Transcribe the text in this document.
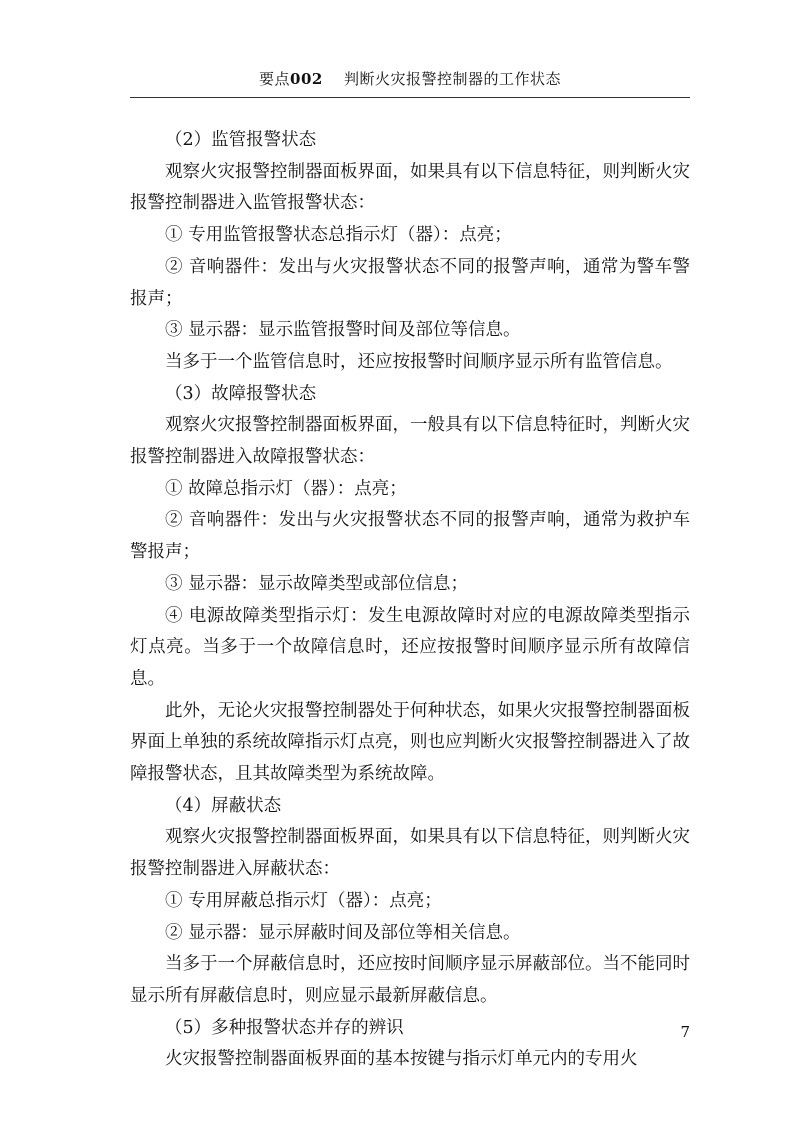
要点002 判断火灾报警控制器的工作状态

（2）监管报警状态

观察火灾报警控制器面板界面，如果具有以下信息特征，则判断火灾报警控制器进入监管报警状态：

① 专用监管报警状态总指示灯（器）：点亮；

② 音响器件：发出与火灾报警状态不同的报警声响，通常为警车警报声；

③ 显示器：显示监管报警时间及部位等信息。

当多于一个监管信息时，还应按报警时间顺序显示所有监管信息。

（3）故障报警状态

观察火灾报警控制器面板界面，一般具有以下信息特征时，判断火灾报警控制器进入故障报警状态：

① 故障总指示灯（器）：点亮；

② 音响器件：发出与火灾报警状态不同的报警声响，通常为救护车警报声；

③ 显示器：显示故障类型或部位信息；

④ 电源故障类型指示灯：发生电源故障时对应的电源故障类型指示灯点亮。当多于一个故障信息时，还应按报警时间顺序显示所有故障信息。

此外，无论火灾报警控制器处于何种状态，如果火灾报警控制器面板界面上单独的系统故障指示灯点亮，则也应判断火灾报警控制器进入了故障报警状态，且其故障类型为系统故障。

（4）屏蔽状态

观察火灾报警控制器面板界面，如果具有以下信息特征，则判断火灾报警控制器进入屏蔽状态：

① 专用屏蔽总指示灯（器）：点亮；

② 显示器：显示屏蔽时间及部位等相关信息。

当多于一个屏蔽信息时，还应按时间顺序显示屏蔽部位。当不能同时显示所有屏蔽信息时，则应显示最新屏蔽信息。

（5）多种报警状态并存的辨识

火灾报警控制器面板界面的基本按键与指示灯单元内的专用火

7
